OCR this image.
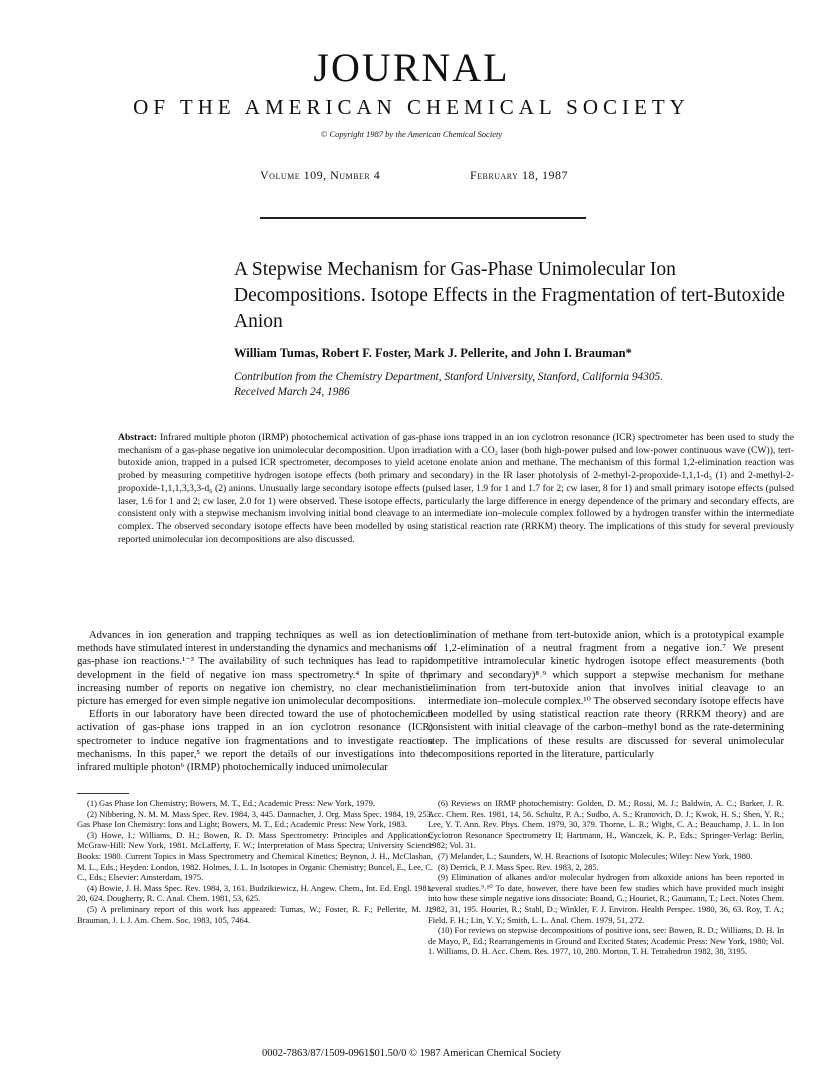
JOURNAL
OF THE AMERICAN CHEMICAL SOCIETY
© Copyright 1987 by the American Chemical Society
Volume 109, Number 4	February 18, 1987
A Stepwise Mechanism for Gas-Phase Unimolecular Ion Decompositions. Isotope Effects in the Fragmentation of tert-Butoxide Anion
William Tumas, Robert F. Foster, Mark J. Pellerite, and John I. Brauman*
Contribution from the Chemistry Department, Stanford University, Stanford, California 94305.
Received March 24, 1986
Abstract: Infrared multiple photon (IRMP) photochemical activation of gas-phase ions trapped in an ion cyclotron resonance (ICR) spectrometer has been used to study the mechanism of a gas-phase negative ion unimolecular decomposition. Upon irradiation with a CO₂ laser (both high-power pulsed and low-power continuous wave (CW)), tert-butoxide anion, trapped in a pulsed ICR spectrometer, decomposes to yield acetone enolate anion and methane. The mechanism of this formal 1,2-elimination reaction was probed by measuring competitive hydrogen isotope effects (both primary and secondary) in the IR laser photolysis of 2-methyl-2-propoxide-1,1,1-d₃ (1) and 2-methyl-2-propoxide-1,1,1,3,3,3-d₆ (2) anions. Unusually large secondary isotope effects (pulsed laser, 1.9 for 1 and 1.7 for 2; cw laser, 8 for 1) and small primary isotope effects (pulsed laser, 1.6 for 1 and 2; cw laser, 2.0 for 1) were observed. These isotope effects, particularly the large difference in energy dependence of the primary and secondary effects, are consistent only with a stepwise mechanism involving initial bond cleavage to an intermediate ion–molecule complex followed by a hydrogen transfer within the intermediate complex. The observed secondary isotope effects have been modelled by using statistical reaction rate (RRKM) theory. The implications of this study for several previously reported unimolecular ion decompositions are also discussed.

Advances in ion generation and trapping techniques as well as ion detection methods have stimulated interest in understanding the dynamics and mechanisms of gas-phase ion reactions.¹⁻³ The availability of such techniques has lead to rapid development in the field of negative ion mass spectrometry.⁴ In spite of the increasing number of reports on negative ion chemistry, no clear mechanistic picture has emerged for even simple negative ion unimolecular decompositions.

Efforts in our laboratory have been directed toward the use of photochemical activation of gas-phase ions trapped in an ion cyclotron resonance (ICR) spectrometer to induce negative ion fragmentations and to investigate reaction mechanisms. In this paper,⁵ we report the details of our investigations into the infrared multiple photon⁶ (IRMP) photochemically induced unimolecular

elimination of methane from tert-butoxide anion, which is a prototypical example of 1,2-elimination of a neutral fragment from a negative ion.⁷ We present competitive intramolecular kinetic hydrogen isotope effect measurements (both primary and secondary)⁸˒⁹ which support a stepwise mechanism for methane elimination from tert-butoxide anion that involves initial cleavage to an intermediate ion–molecule complex.¹⁰ The observed secondary isotope effects have been modelled by using statistical reaction rate theory (RRKM theory) and are consistent with initial cleavage of the carbon–methyl bond as the rate-determining step. The implications of these results are discussed for several unimolecular decompositions reported in the literature, particularly

(1) Gas Phase Ion Chemistry; Bowers, M. T., Ed.; Academic Press: New York, 1979.

(2) Nibbering, N. M. M. Mass Spec. Rev. 1984, 3, 445. Dannacher, J. Org. Mass Spec. 1984, 19, 253. Gas Phase Ion Chemistry: Ions and Light; Bowers, M. T., Ed.; Academic Press: New York, 1983.

(3) Howe, I.; Williams, D. H.; Bowen, R. D. Mass Spectrometry: Principles and Applications; McGraw-Hill: New York, 1981. McLafferty, F. W.; Interpretation of Mass Spectra; University Science Books: 1980. Current Topics in Mass Spectrometry and Chemical Kinetics; Beynon, J. H., McClashan, M. L., Eds.; Heyden: London, 1982. Holmes, J. L. In Isotopes in Organic Chemistry; Buncel, E., Lee, C. C., Eds.; Elsevier: Amsterdam, 1975.

(4) Bowie, J. H. Mass Spec. Rev. 1984, 3, 161. Budzikiewicz, H. Angew. Chem., Int. Ed. Engl. 1981, 20, 624. Dougherty, R. C. Anal. Chem. 1981, 53, 625.

(5) A preliminary report of this work has appeared: Tumas, W.; Foster, R. F.; Pellerite, M. J.; Brauman, J. I. J. Am. Chem. Soc. 1983, 105, 7464.

(6) Reviews on IRMP photochemistry: Golden, D. M.; Rossi, M. J.; Baldwin, A. C.; Barker, J. R. Acc. Chem. Res. 1981, 14, 56. Schultz, P. A.; Sudbo, A. S.; Kranovich, D. J.; Kwok, H. S.; Shen, Y. R.; Lee, Y. T. Ann. Rev. Phys. Chem. 1979, 30, 379. Thorne, L. R.; Wight, C. A.; Beauchamp, J. L. In Ion Cyclotron Resonance Spectrometry II; Hartmann, H., Wanczek, K. P., Eds.; Springer-Verlag: Berlin, 1982; Vol. 31.

(7) Melander, L.; Saunders, W. H. Reactions of Isotopic Molecules; Wiley: New York, 1980.

(8) Derrick, P. J. Mass Spec. Rev. 1983, 2, 285.

(9) Elimination of alkanes and/or molecular hydrogen from alkoxide anions has been reported in several studies.⁹˒¹⁰ To date, however, there have been few studies which have provided much insight into how these simple negative ions dissociate: Boand, G.; Houriet, R.; Gaumann, T.; Lect. Notes Chem. 1982, 31, 195. Houriet, R.; Stahl, D.; Winkler, F. J. Environ. Health Perspec. 1980, 36, 63. Roy, T. A.; Field, F. H.; Lin, Y. Y.; Smith, L. L. Anal. Chem. 1979, 51, 272.

(10) For reviews on stepwise decompositions of positive ions, see: Bowen, R. D.; Williams, D. H. In de Mayo, P., Ed.; Rearrangements in Ground and Excited States; Academic Press: New York, 1980; Vol. 1. Williams, D. H. Acc. Chem. Res. 1977, 10, 280. Morton, T. H. Tetrahedron 1982, 38, 3195.

0002-7863/87/1509-0961$01.50/0 © 1987 American Chemical Society
